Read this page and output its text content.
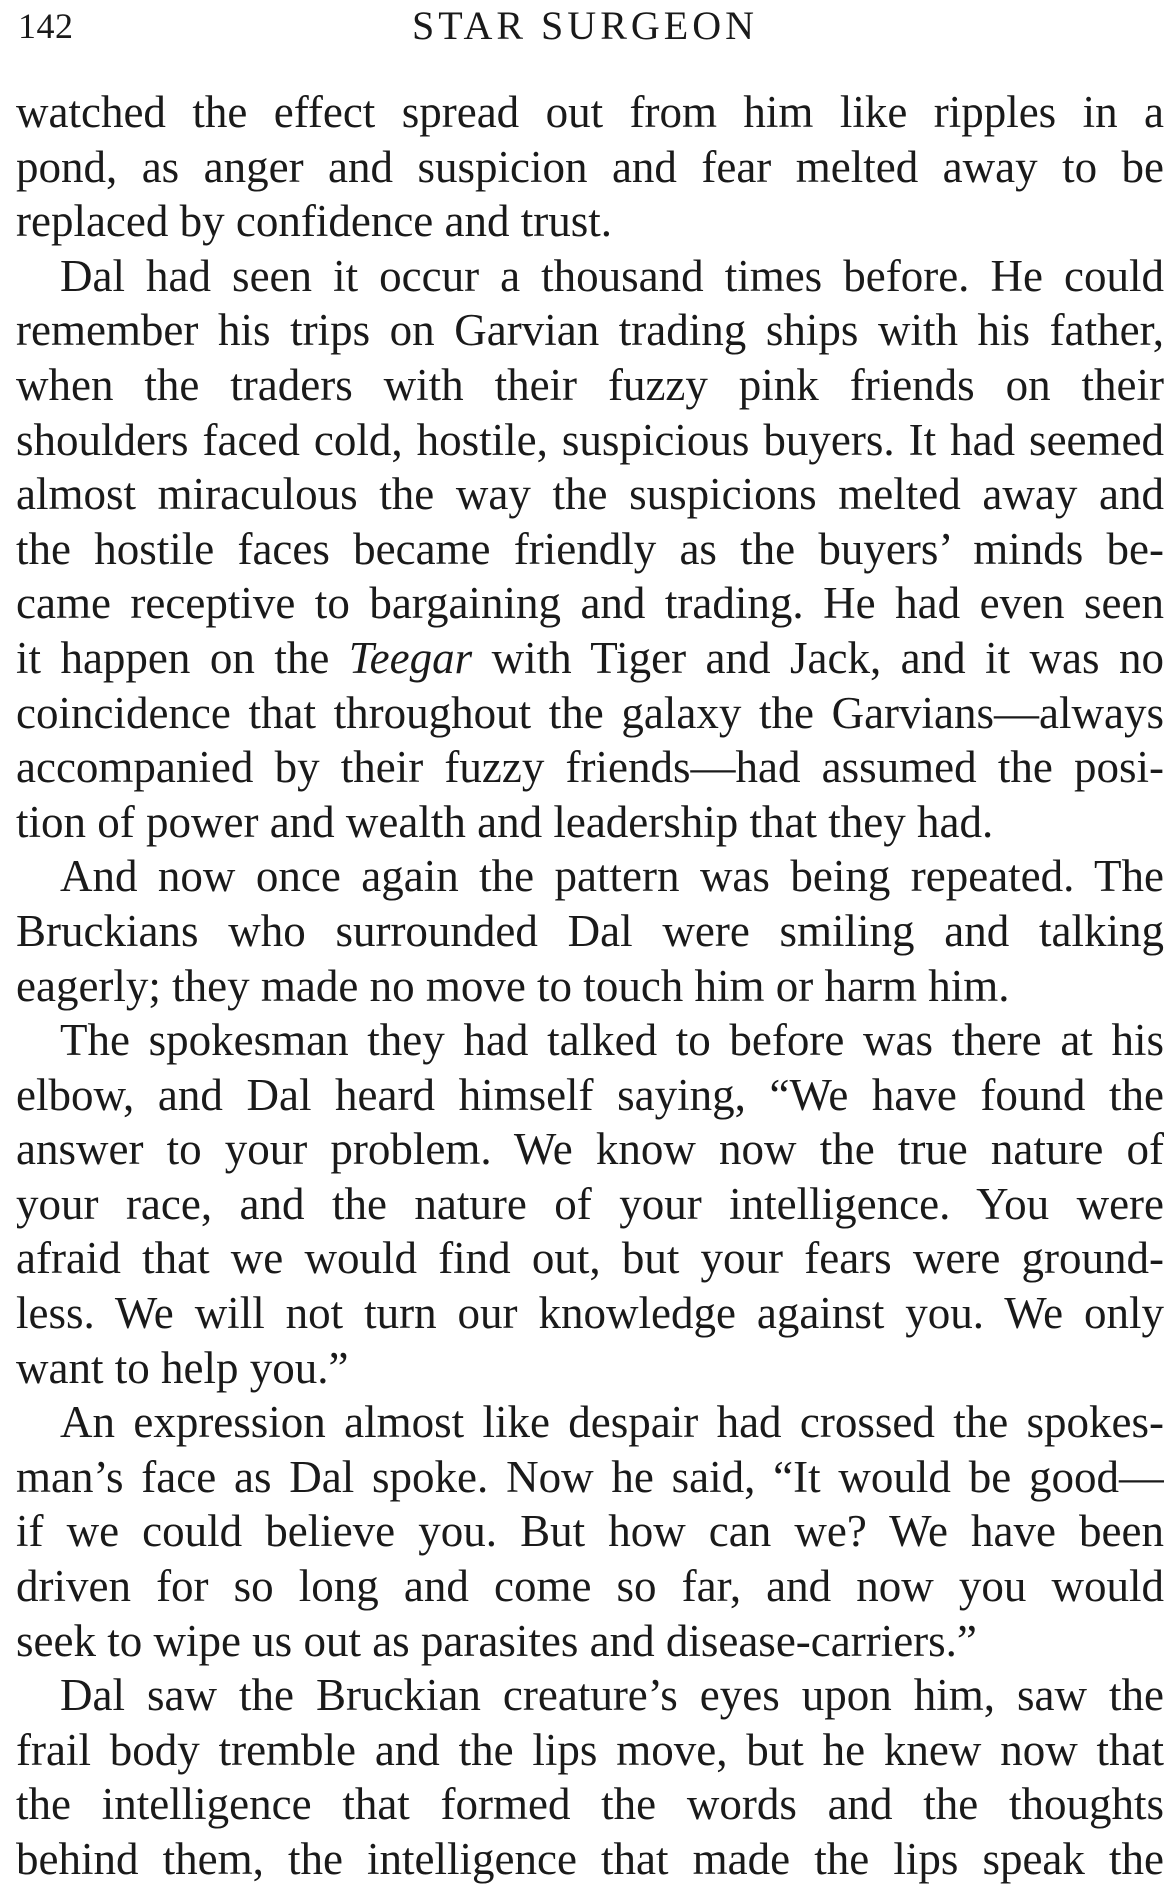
142	STAR SURGEON
watched the effect spread out from him like ripples in a
pond, as anger and suspicion and fear melted away to be
replaced by confidence and trust.
Dal had seen it occur a thousand times before. He could
remember his trips on Garvian trading ships with his father,
when the traders with their fuzzy pink friends on their
shoulders faced cold, hostile, suspicious buyers. It had seemed
almost miraculous the way the suspicions melted away and
the hostile faces became friendly as the buyers’ minds be-
came receptive to bargaining and trading. He had even seen
it happen on the Teegar with Tiger and Jack, and it was no
coincidence that throughout the galaxy the Garvians—always
accompanied by their fuzzy friends—had assumed the posi-
tion of power and wealth and leadership that they had.
And now once again the pattern was being repeated. The
Bruckians who surrounded Dal were smiling and talking
eagerly; they made no move to touch him or harm him.
The spokesman they had talked to before was there at his
elbow, and Dal heard himself saying, “We have found the
answer to your problem. We know now the true nature of
your race, and the nature of your intelligence. You were
afraid that we would find out, but your fears were ground-
less. We will not turn our knowledge against you. We only
want to help you.”
An expression almost like despair had crossed the spokes-
man’s face as Dal spoke. Now he said, “It would be good—
if we could believe you. But how can we? We have been
driven for so long and come so far, and now you would
seek to wipe us out as parasites and disease-carriers.”
Dal saw the Bruckian creature’s eyes upon him, saw the
frail body tremble and the lips move, but he knew now that
the intelligence that formed the words and the thoughts
behind them, the intelligence that made the lips speak the
